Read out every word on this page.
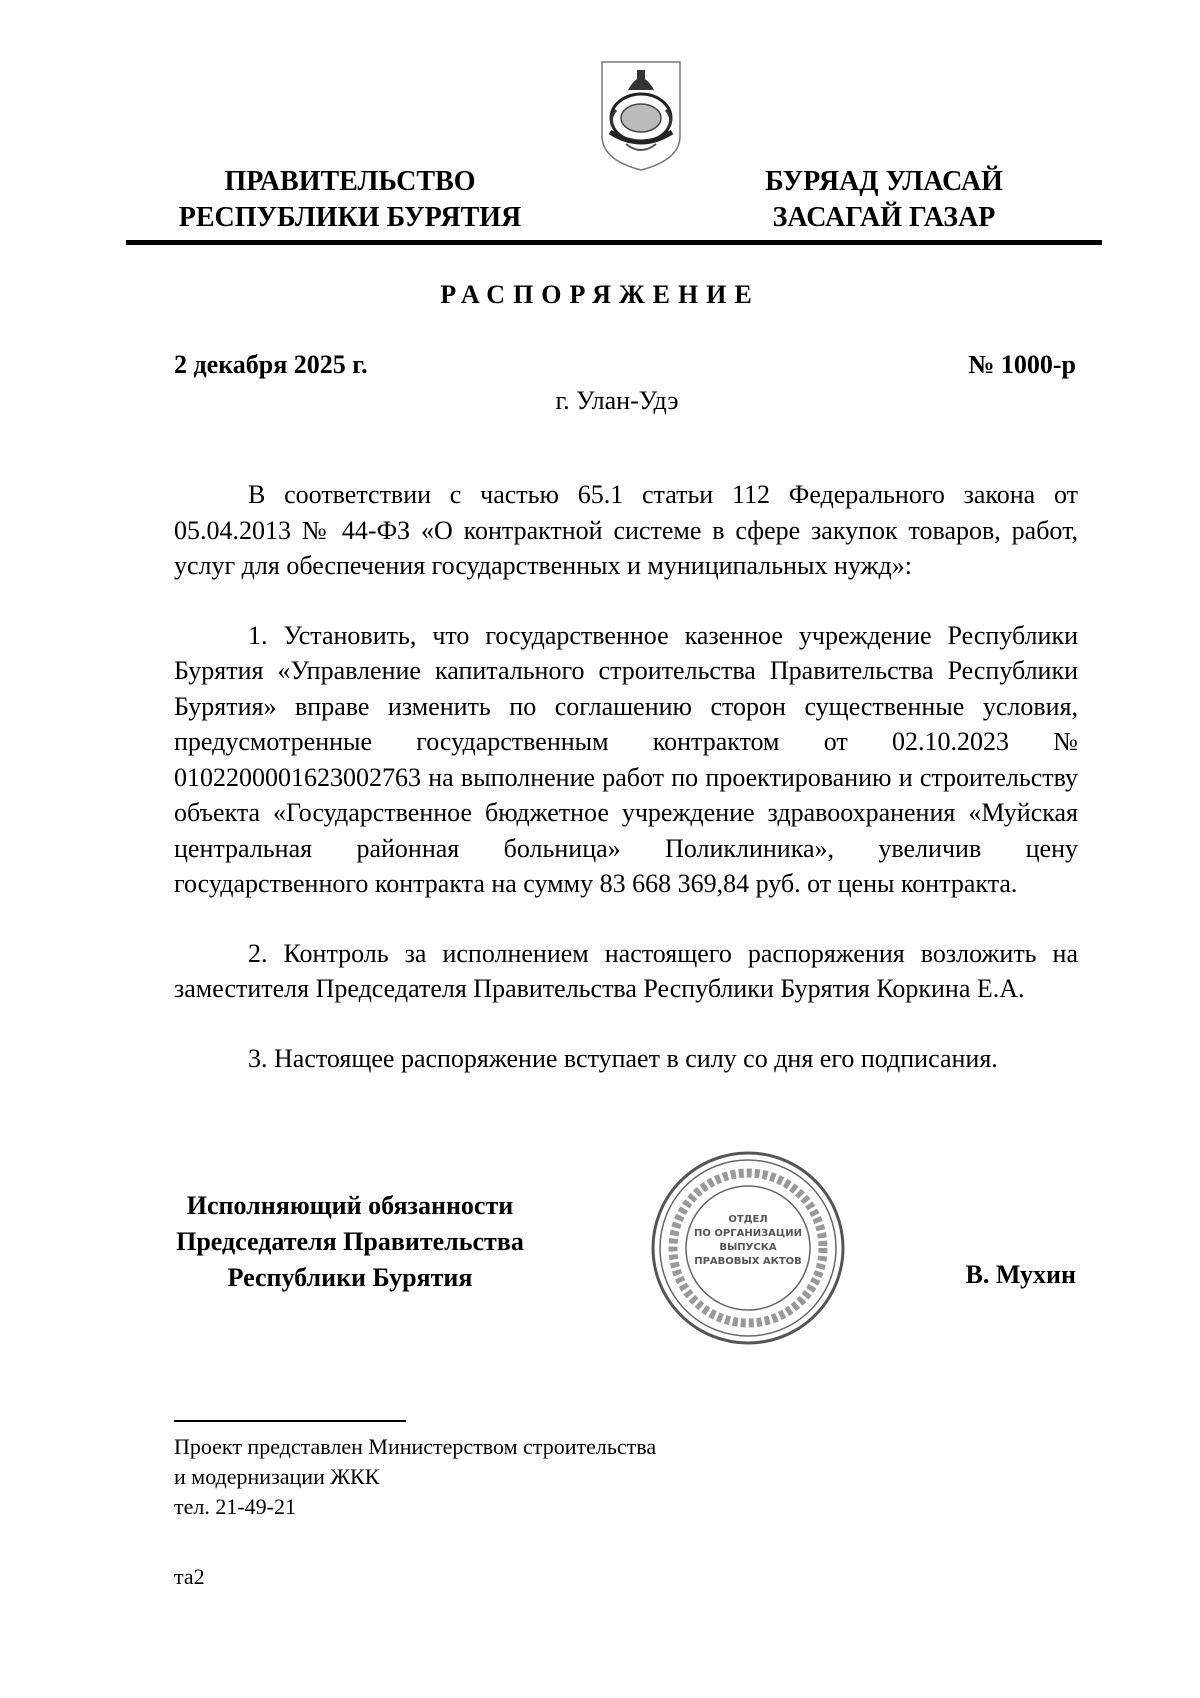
ПРАВИТЕЛЬСТВО
РЕСПУБЛИКИ БУРЯТИЯ
БУРЯАД УЛАСАЙ
ЗАСАГАЙ ГАЗАР
РАСПОРЯЖЕНИЕ
2 декабря 2025 г.	№ 1000-р
г. Улан-Удэ

В соответствии с частью 65.1 статьи 112 Федерального закона от 05.04.2013 № 44-ФЗ «О контрактной системе в сфере закупок товаров, работ, услуг для обеспечения государственных и муниципальных нужд»:

1. Установить, что государственное казенное учреждение Республики Бурятия «Управление капитального строительства Правительства Республики Бурятия» вправе изменить по соглашению сторон существенные условия, предусмотренные государственным контрактом от 02.10.2023 № 0102200001623002763 на выполнение работ по проектированию и строительству объекта «Государственное бюджетное учреждение здравоохранения «Муйская центральная районная больница» Поликлиника», увеличив цену государственного контракта на сумму 83 668 369,84 руб. от цены контракта.

2. Контроль за исполнением настоящего распоряжения возложить на заместителя Председателя Правительства Республики Бурятия Коркина Е.А.

3. Настоящее распоряжение вступает в силу со дня его подписания.

Исполняющий обязанности
Председателя Правительства
Республики Бурятия
ОТДЕЛ
ПО ОРГАНИЗАЦИИ
ВЫПУСКА
ПРАВОВЫХ АКТОВ	В. Мухин
Проект представлен Министерством строительства
и модернизации ЖКК
тел. 21-49-21
та2
